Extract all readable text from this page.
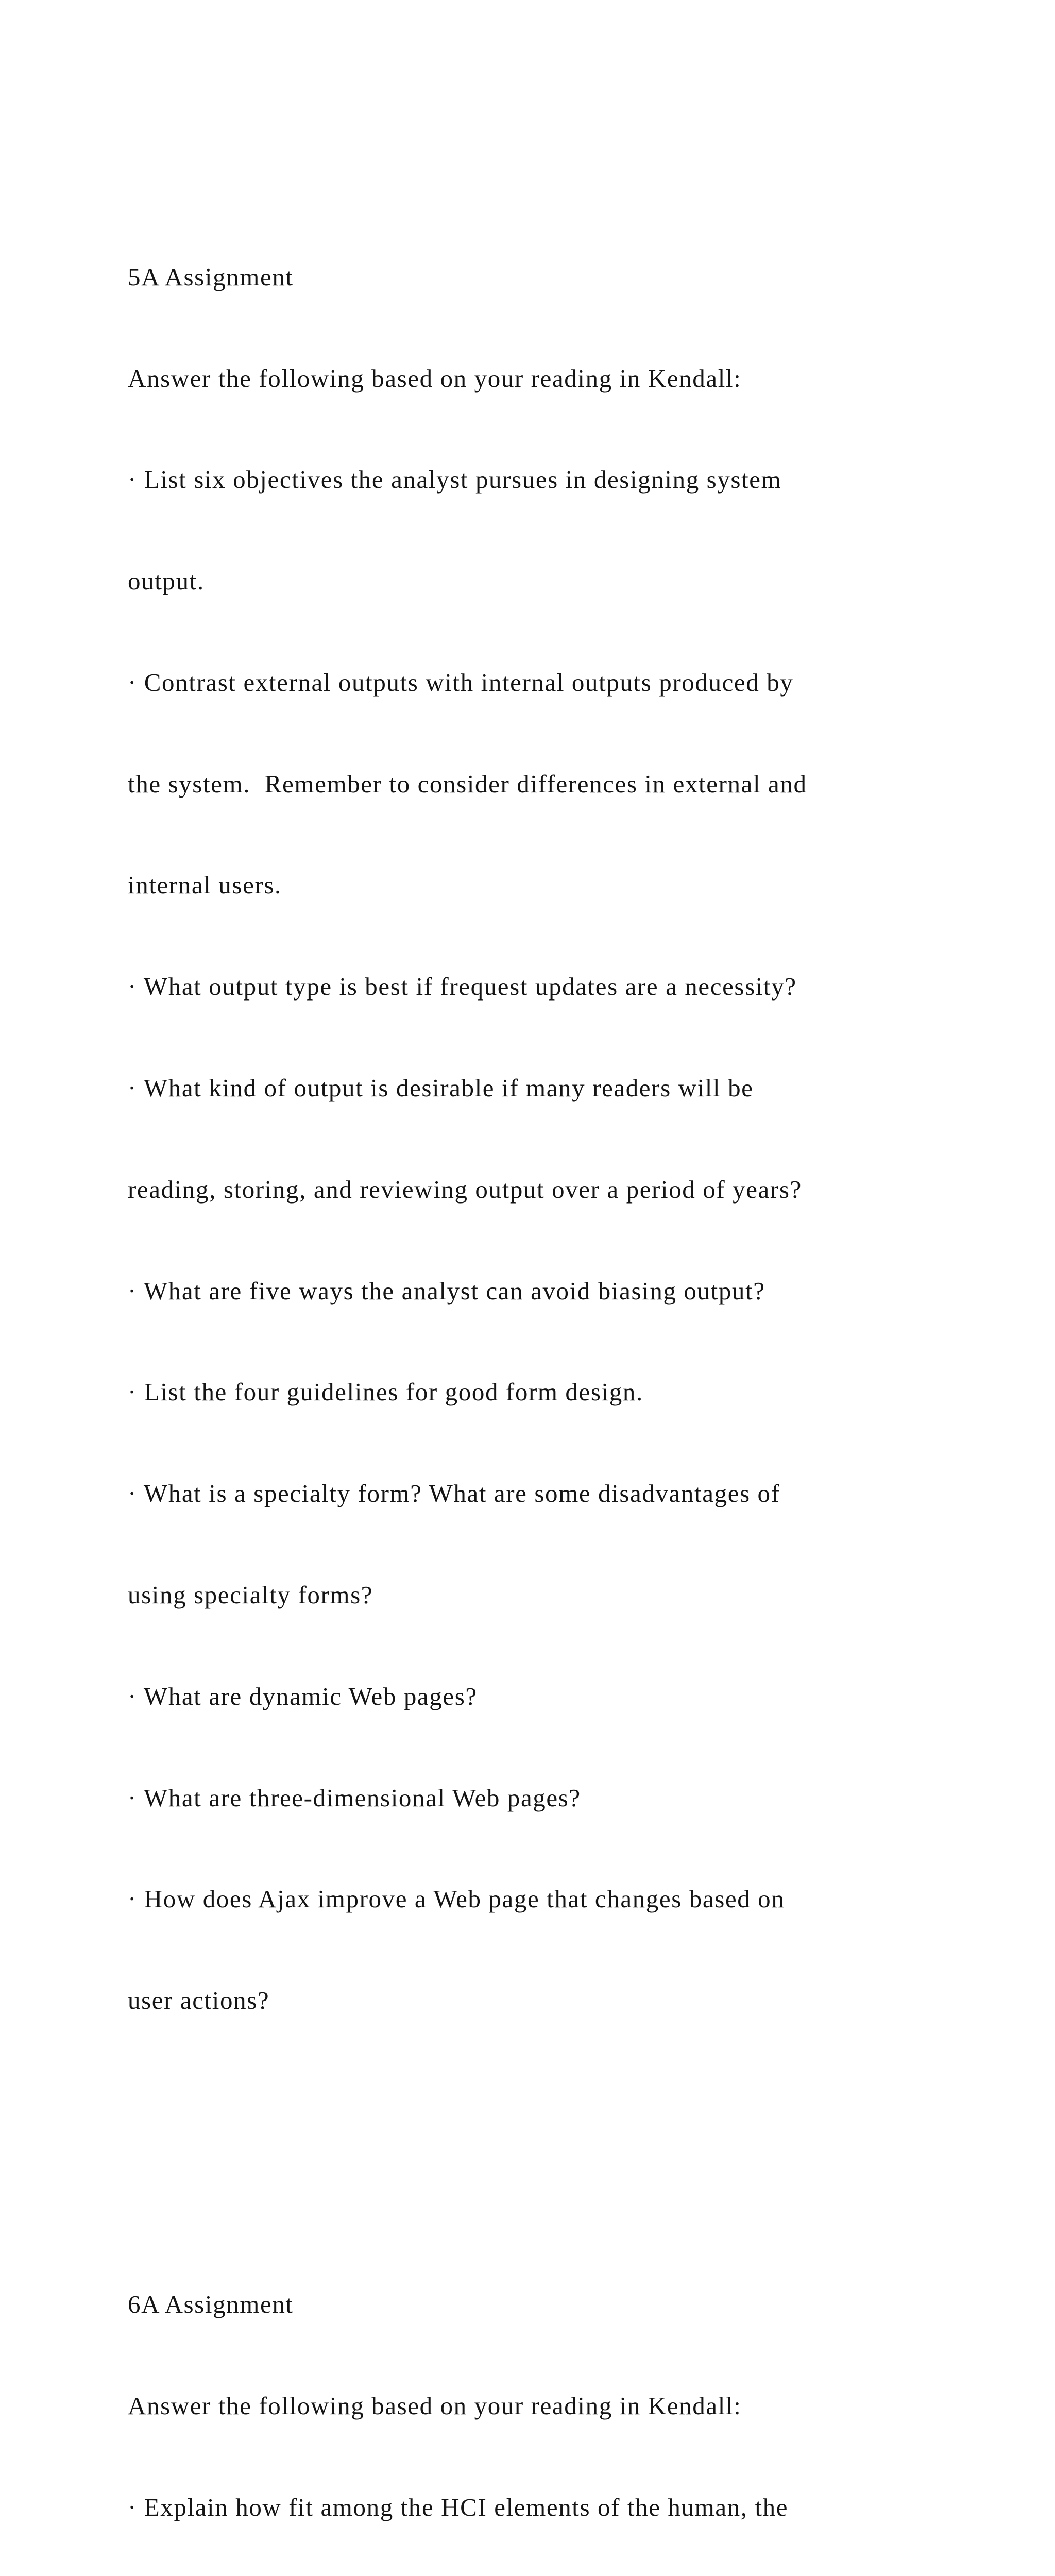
5A Assignment

Answer the following based on your reading in Kendall:

· List six objectives the analyst pursues in designing system

output.

· Contrast external outputs with internal outputs produced by

the system.  Remember to consider differences in external and

internal users.

· What output type is best if frequest updates are a necessity?

· What kind of output is desirable if many readers will be

reading, storing, and reviewing output over a period of years?

· What are five ways the analyst can avoid biasing output?

· List the four guidelines for good form design.

· What is a specialty form? What are some disadvantages of

using specialty forms?

· What are dynamic Web pages?

· What are three-dimensional Web pages?

· How does Ajax improve a Web page that changes based on

user actions?

6A Assignment

Answer the following based on your reading in Kendall:

· Explain how fit among the HCI elements of the human, the
